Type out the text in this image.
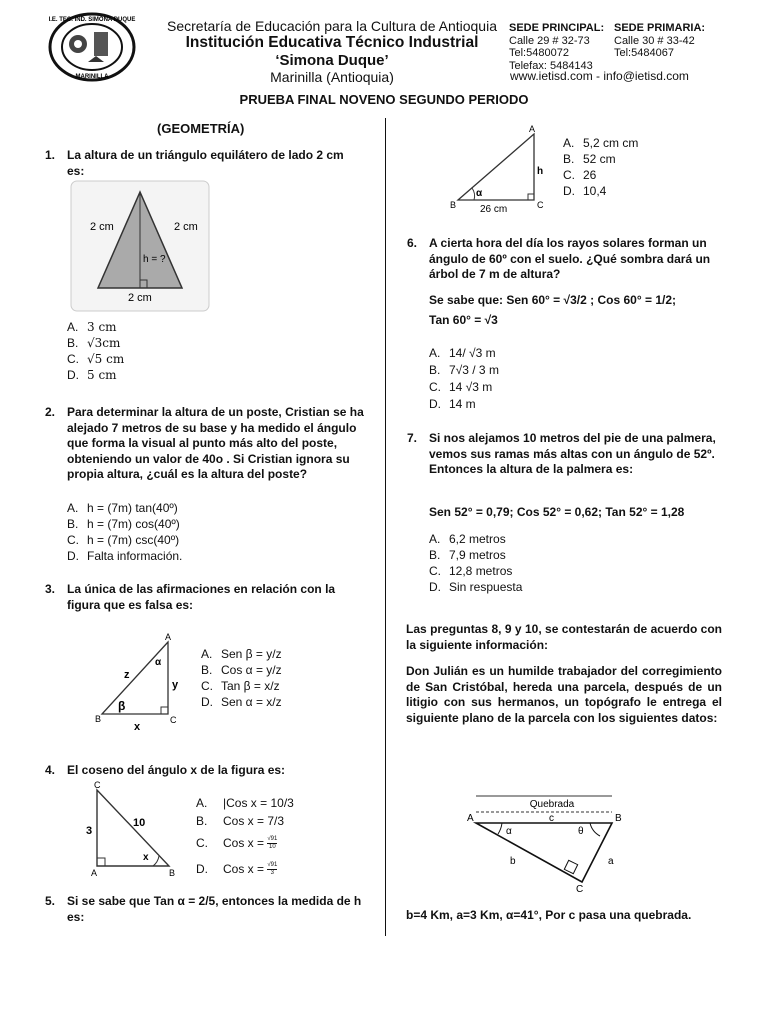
I.E. TEC. IND. SIMONA DUQUE
MARINILLA
Secretaría de Educación para la Cultura de Antioquia
Institución Educativa Técnico Industrial
‘Simona Duque’
Marinilla (Antioquia)
SEDE PRINCIPAL:
Calle 29 # 32-73
Tel:5480072
Telefax: 5484143
SEDE PRIMARIA:
Calle 30 # 33-42
Tel:5484067
www.ietisd.com - info@ietisd.com
PRUEBA FINAL NOVENO SEGUNDO PERIODO
(GEOMETRÍA)
1. La altura de un triángulo equilátero de lado 2 cm es:
2 cm	2 cm
h = ?
2 cm
A. 3 cm
B. √3cm
C. √5 cm
D. 5 cm
2. Para determinar la altura de un poste, Cristian se ha alejado 7 metros de su base y ha medido el ángulo que forma la visual al punto más alto del poste, obteniendo un valor de 40o . Si Cristian ignora su propia altura, ¿cuál es la altura del poste?
A. h = (7m) tan(40º)
B. h = (7m) cos(40º)
C. h = (7m) csc(40º)
D. Falta información.
3. La única de las afirmaciones en relación con la figura que es falsa es:
A
B	C
z
y
x
α
β
A. Sen β = y/z
B. Cos α = y/z
C. Tan β = x/z
D. Sen α = x/z
4. El coseno del ángulo x de la figura es:
C
A	B
3
10
x
A.	|Cos x = 10/3
B.	Cos x = 7/3
C.	Cos x =
$\frac{√91}{10}$
D.	Cos x =
$\frac{√91}{3}$
5. Si se sabe que Tan α = 2/5, entonces la medida de h es:
A
B	C
h
α
26 cm
A. 5,2 cm cm
B. 52 cm
C. 26
D. 10,4
6. A cierta hora del día los rayos solares forman un ángulo de 60º con el suelo. ¿Qué sombra dará un árbol de 7 m de altura?
Se sabe que: Sen 60° = √3/2 ; Cos 60° = 1/2;
Tan 60° = √3
A. 14/ √3 m
B. 7√3 / 3 m
C. 14 √3 m
D. 14 m
7. Si nos alejamos 10 metros del pie de una palmera, vemos sus ramas más altas con un ángulo de 52º. Entonces la altura de la palmera es:
Sen 52° = 0,79; Cos 52° = 0,62; Tan 52° = 1,28
A. 6,2 metros
B. 7,9 metros
C. 12,8 metros
D. Sin respuesta
Las preguntas 8, 9 y 10, se contestarán de acuerdo con la siguiente información:
Don Julián es un humilde trabajador del corregimiento de San Cristóbal, hereda una parcela, después de un litigio con sus hermanos, un topógrafo le entrega el siguiente plano de la parcela con los siguientes datos:
Quebrada
A	B
C
c
a
b
α	θ
b=4 Km, a=3 Km, α=41°, Por c pasa una quebrada.
